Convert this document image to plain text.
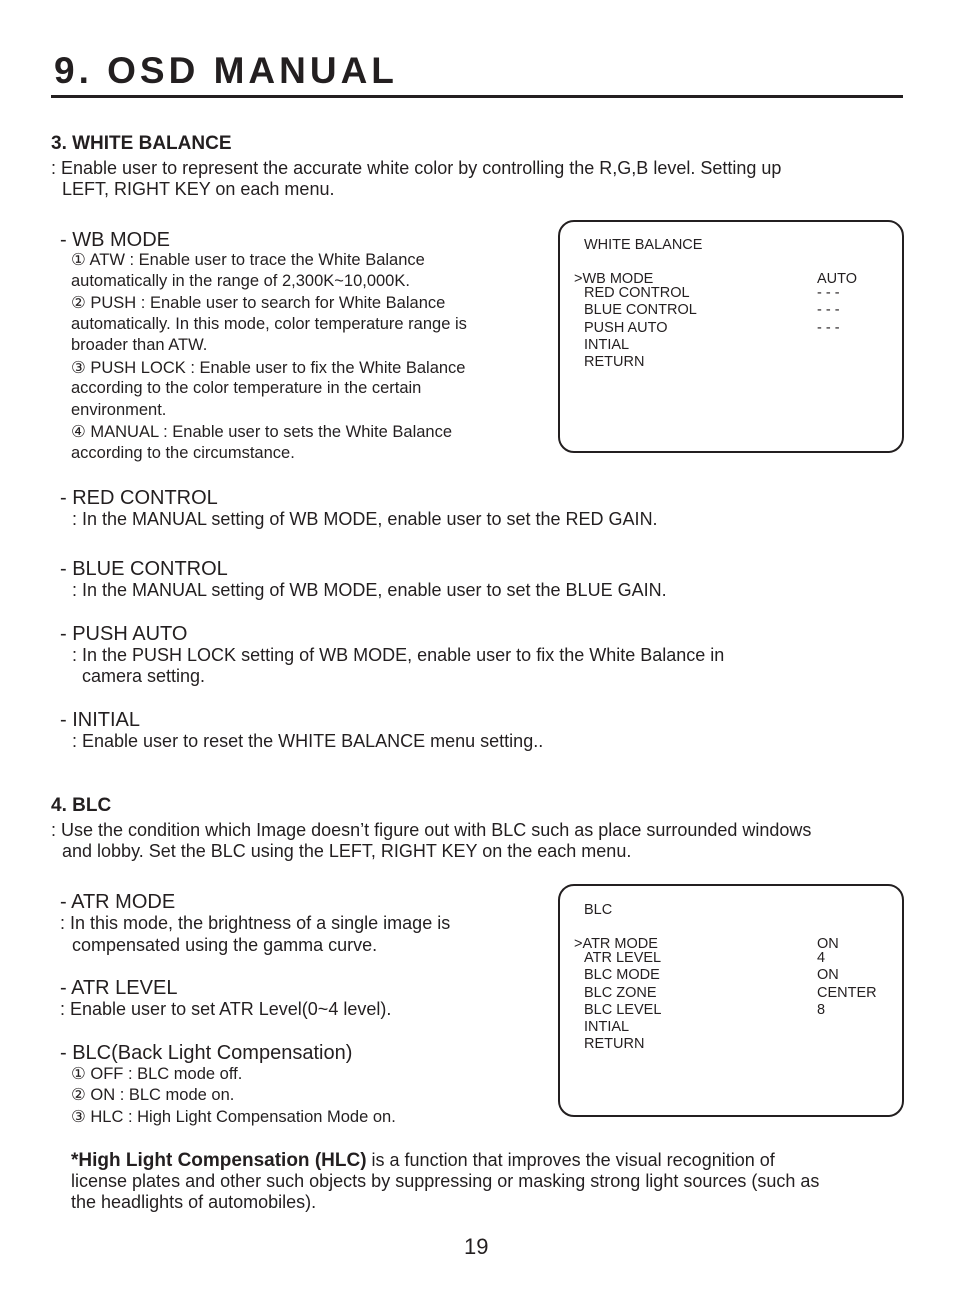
9. OSD MANUAL
3. WHITE BALANCE
: Enable user to represent the accurate white color by controlling the R,G,B level. Setting up
LEFT, RIGHT KEY on each menu.
- WB MODE
① ATW : Enable user to trace the White Balance
automatically in the range of 2,300K~10,000K.
② PUSH : Enable user to search for White Balance
automatically. In this mode, color temperature range is
broader than ATW.
③ PUSH LOCK : Enable user to fix the White Balance
according to the color temperature in the certain
environment.
④ MANUAL : Enable user to sets the White Balance
according to the circumstance.
WHITE BALANCE
>WB MODE	AUTO
RED CONTROL	- - -
BLUE CONTROL	- - -
PUSH AUTO	- - -
INTIAL
RETURN
- RED CONTROL
: In the MANUAL setting of WB MODE, enable user to set the RED GAIN.
- BLUE CONTROL
: In the MANUAL setting of WB MODE, enable user to set the BLUE GAIN.
- PUSH AUTO
: In the PUSH LOCK setting of WB MODE, enable user to fix the White Balance in
camera setting.
- INITIAL
: Enable user to reset the WHITE BALANCE menu setting..
4. BLC
: Use the condition which Image doesn’t figure out with BLC such as place surrounded windows
and lobby. Set the BLC using the LEFT, RIGHT KEY on the each menu.
- ATR MODE
: In this mode, the brightness of a single image is
compensated using the gamma curve.
- ATR LEVEL
: Enable user to set ATR Level(0~4 level).
- BLC(Back Light Compensation)
① OFF : BLC mode off.
② ON : BLC mode on.
③ HLC : High Light Compensation Mode on.
BLC
>ATR MODE	ON
ATR LEVEL	4
BLC MODE	ON
BLC ZONE	CENTER
BLC LEVEL	8
INTIAL
RETURN
*High Light Compensation (HLC) is a function that improves the visual recognition of
license plates and other such objects by suppressing or masking strong light sources (such as
the headlights of automobiles).
19
